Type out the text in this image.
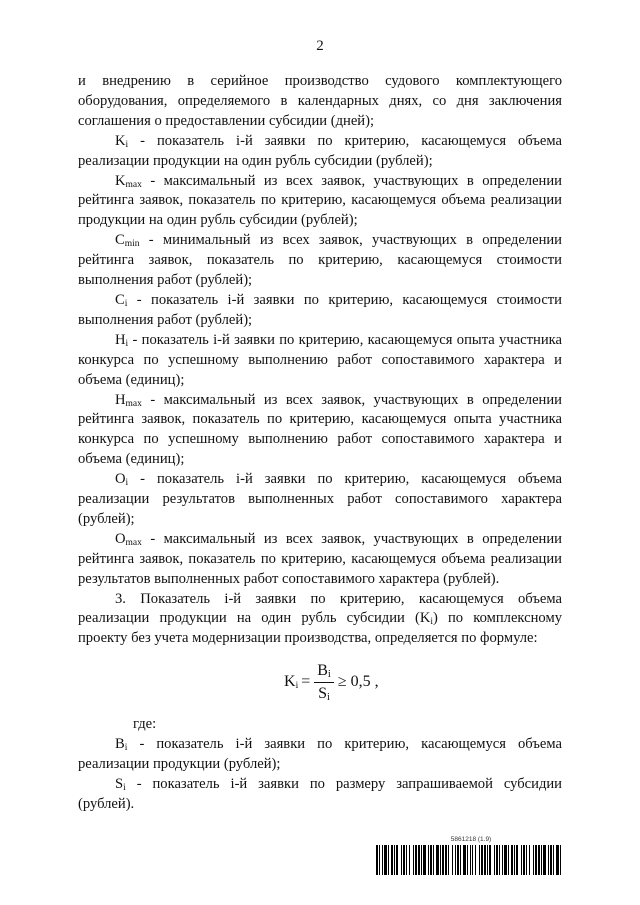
2

и внедрению в серийное производство судового комплектующего оборудования, определяемого в календарных днях, со дня заключения соглашения о предоставлении субсидии (дней);

$K_i$ - показатель i-й заявки по критерию, касающемуся объема реализации продукции на один рубль субсидии (рублей);

$K_{max}$ - максимальный из всех заявок, участвующих в определении рейтинга заявок, показатель по критерию, касающемуся объема реализации продукции на один рубль субсидии (рублей);

$C_{min}$ - минимальный из всех заявок, участвующих в определении рейтинга заявок, показатель по критерию, касающемуся стоимости выполнения работ (рублей);

$C_i$ - показатель i-й заявки по критерию, касающемуся стоимости выполнения работ (рублей);

$H_i$ - показатель i-й заявки по критерию, касающемуся опыта участника конкурса по успешному выполнению работ сопоставимого характера и объема (единиц);

$H_{max}$ - максимальный из всех заявок, участвующих в определении рейтинга заявок, показатель по критерию, касающемуся опыта участника конкурса по успешному выполнению работ сопоставимого характера и объема (единиц);

$O_i$ - показатель i-й заявки по критерию, касающемуся объема реализации результатов выполненных работ сопоставимого характера (рублей);

$O_{max}$ - максимальный из всех заявок, участвующих в определении рейтинга заявок, показатель по критерию, касающемуся объема реализации результатов выполненных работ сопоставимого характера (рублей).

3. Показатель i-й заявки по критерию, касающемуся объема реализации продукции на один рубль субсидии $(K_i)$ по комплексному проекту без учета модернизации производства, определяется по формуле:

$K_i = \frac{B_i}{S_i} \ge 0,5$ ,

где:

$B_i$ - показатель i-й заявки по критерию, касающемуся объема реализации продукции (рублей);

$S_i$ - показатель i-й заявки по размеру запрашиваемой субсидии (рублей).

5861218 (1.9)
